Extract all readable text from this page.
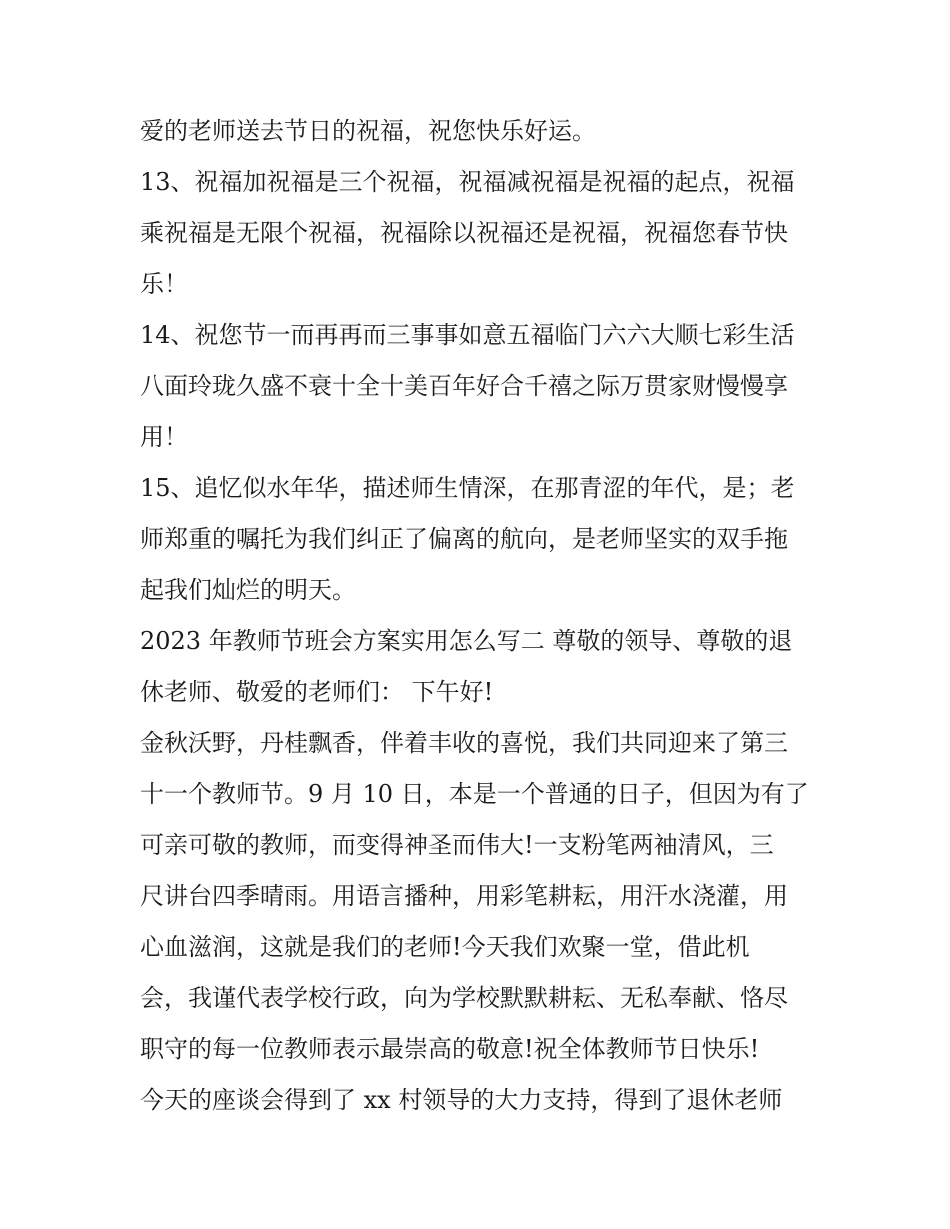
爱的老师送去节日的祝福，祝您快乐好运。
13、祝福加祝福是三个祝福，祝福减祝福是祝福的起点，祝福
乘祝福是无限个祝福，祝福除以祝福还是祝福，祝福您春节快
乐！
14、祝您节一而再再而三事事如意五福临门六六大顺七彩生活
八面玲珑久盛不衰十全十美百年好合千禧之际万贯家财慢慢享
用！
15、追忆似水年华，描述师生情深，在那青涩的年代，是；老
师郑重的嘱托为我们纠正了偏离的航向，是老师坚实的双手拖
起我们灿烂的明天。
2023 年教师节班会方案实用怎么写二 尊敬的领导、尊敬的退
休老师、敬爱的老师们： 下午好!
金秋沃野，丹桂飘香，伴着丰收的喜悦，我们共同迎来了第三
十一个教师节。9 月 10 日，本是一个普通的日子，但因为有了
可亲可敬的教师，而变得神圣而伟大!一支粉笔两袖清风，三
尺讲台四季晴雨。用语言播种，用彩笔耕耘，用汗水浇灌，用
心血滋润，这就是我们的老师!今天我们欢聚一堂，借此机
会，我谨代表学校行政，向为学校默默耕耘、无私奉献、恪尽
职守的每一位教师表示最崇高的敬意!祝全体教师节日快乐!
今天的座谈会得到了 xx 村领导的大力支持，得到了退休老师
